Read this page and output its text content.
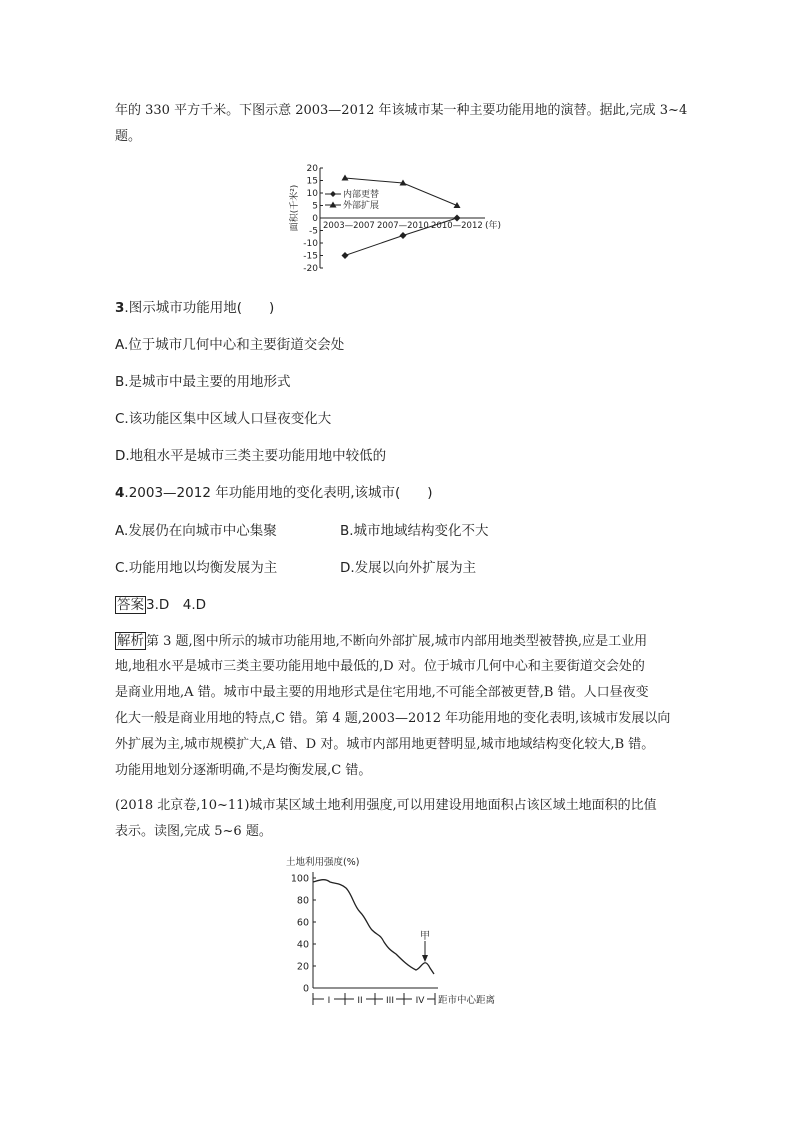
年的 330 平方千米。下图示意 2003—2012 年该城市某一种主要功能用地的演替。据此,完成 3~4
题。
20
15
10
5
0
-5
-10
-15
-20
2003—2007 2007—2010 2010—2012 (年)
面积(千米²)	内部更替
外部扩展
3.图示城市功能用地(　　)
A.位于城市几何中心和主要街道交会处
B.是城市中最主要的用地形式
C.该功能区集中区域人口昼夜变化大
D.地租水平是城市三类主要功能用地中较低的
4.2003—2012 年功能用地的变化表明,该城市(　　)
A.发展仍在向城市中心集聚	B.城市地域结构变化不大
C.功能用地以均衡发展为主	D.发展以向外扩展为主
答案 3.D　4.D
解析 第 3 题,图中所示的城市功能用地,不断向外部扩展,城市内部用地类型被替换,应是工业用
地,地租水平是城市三类主要功能用地中最低的,D 对。位于城市几何中心和主要街道交会处的
是商业用地,A 错。城市中最主要的用地形式是住宅用地,不可能全部被更替,B 错。人口昼夜变
化大一般是商业用地的特点,C 错。第 4 题,2003—2012 年功能用地的变化表明,该城市发展以向
外扩展为主,城市规模扩大,A 错、D 对。城市内部用地更替明显,城市地域结构变化较大,B 错。
功能用地划分逐渐明确,不是均衡发展,C 错。
(2018 北京卷,10~11)城市某区域土地利用强度,可以用建设用地面积占该区域土地面积的比值
表示。读图,完成 5~6 题。
土地利用强度(%)
100
80
60
40
20
0
甲
I	II	III IV 距市中心距离
